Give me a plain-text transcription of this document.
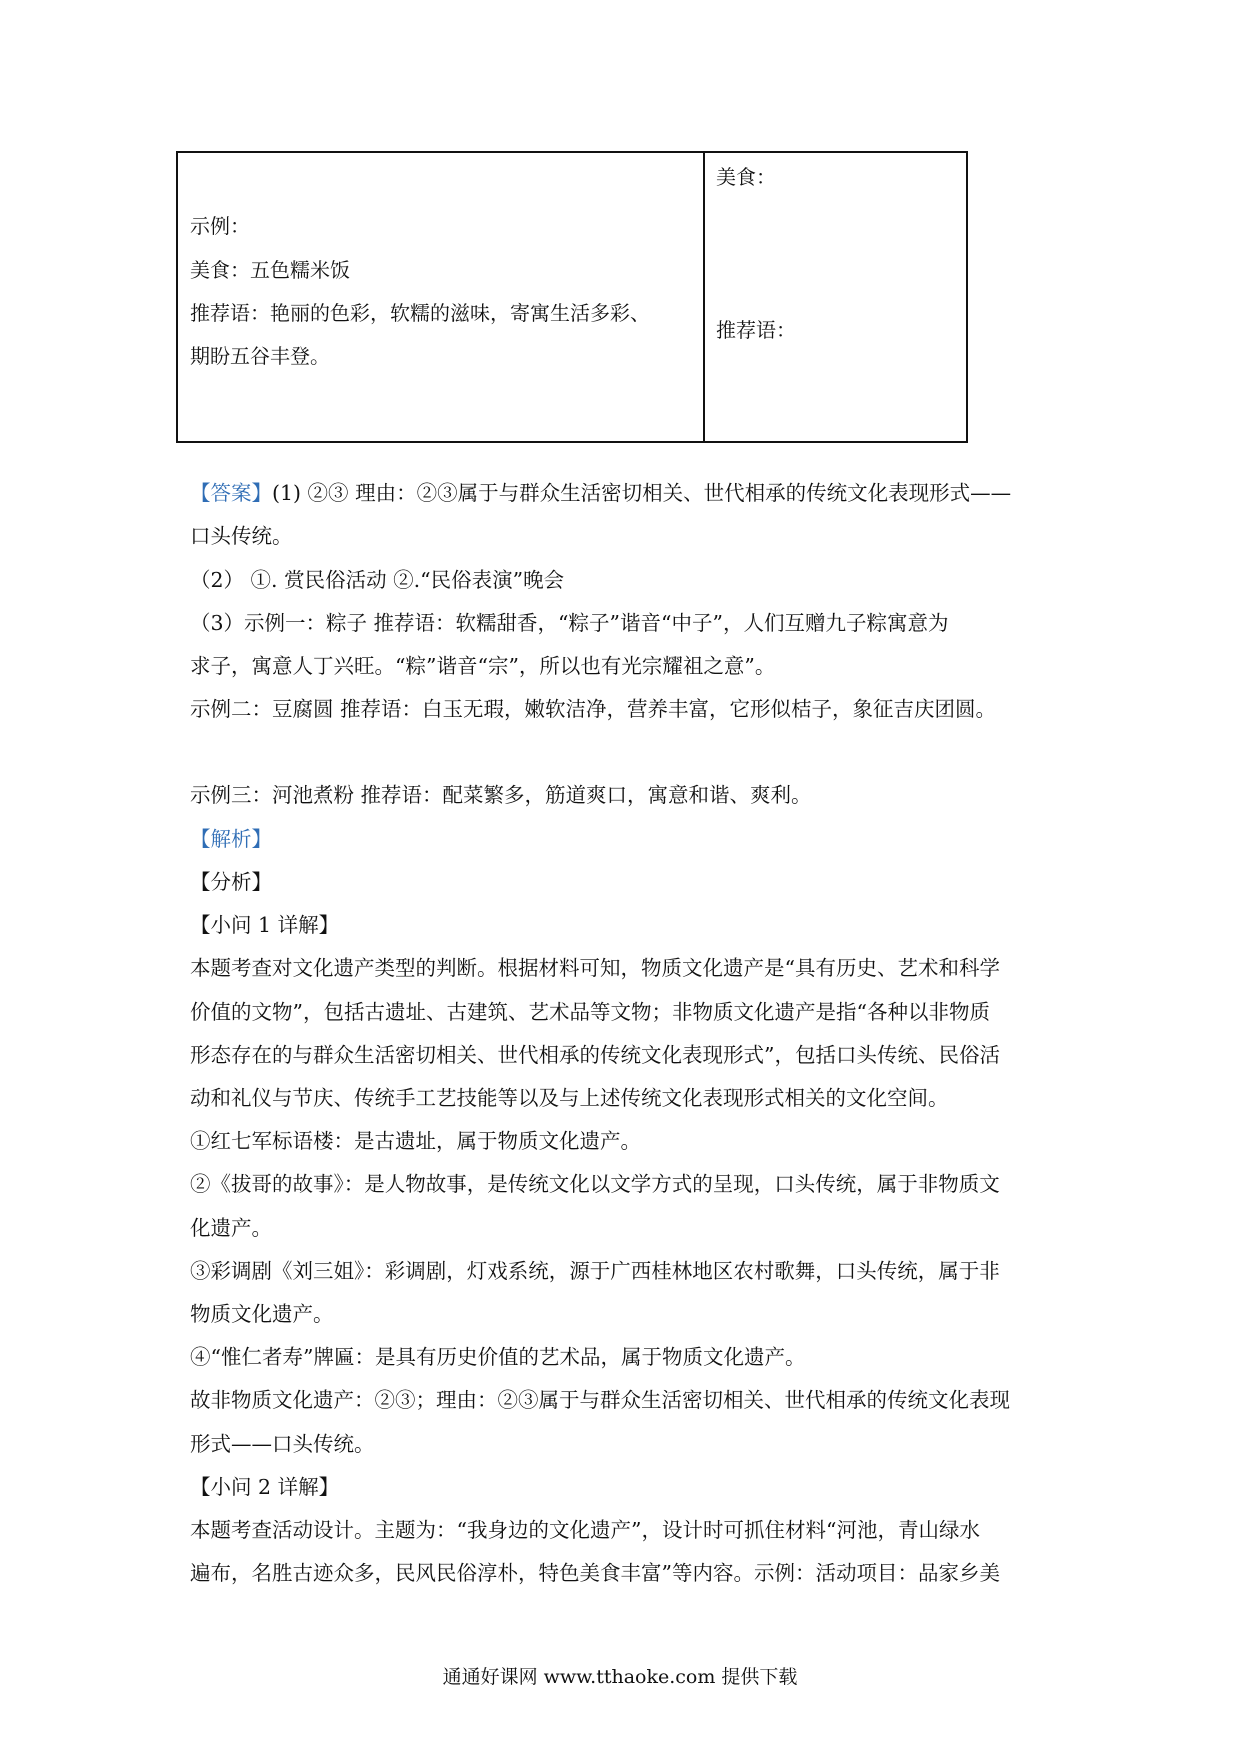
示例：
美食：五色糯米饭
推荐语：艳丽的色彩，软糯的滋味，寄寓生活多彩、
期盼五谷丰登。
美食：
推荐语：
【答案】(1) ②③ 理由：②③属于与群众生活密切相关、世代相承的传统文化表现形式——
口头传统。
（2） ①. 赏民俗活动 ②.“民俗表演”晚会
（3）示例一：粽子 推荐语：软糯甜香，“粽子”谐音“中子”，人们互赠九子粽寓意为
求子，寓意人丁兴旺。“粽”谐音“宗”，所以也有光宗耀祖之意”。
示例二：豆腐圆 推荐语：白玉无瑕，嫩软洁净，营养丰富，它形似桔子，象征吉庆团圆。
示例三：河池煮粉 推荐语：配菜繁多，筋道爽口，寓意和谐、爽利。
【解析】
【分析】
【小问 1 详解】
本题考查对文化遗产类型的判断。根据材料可知，物质文化遗产是“具有历史、艺术和科学
价值的文物”，包括古遗址、古建筑、艺术品等文物；非物质文化遗产是指“各种以非物质
形态存在的与群众生活密切相关、世代相承的传统文化表现形式”，包括口头传统、民俗活
动和礼仪与节庆、传统手工艺技能等以及与上述传统文化表现形式相关的文化空间。
①红七军标语楼：是古遗址，属于物质文化遗产。
②《拔哥的故事》：是人物故事，是传统文化以文学方式的呈现，口头传统，属于非物质文
化遗产。
③彩调剧《刘三姐》：彩调剧，灯戏系统，源于广西桂林地区农村歌舞，口头传统，属于非
物质文化遗产。
④“惟仁者寿”牌匾：是具有历史价值的艺术品，属于物质文化遗产。
故非物质文化遗产：②③；理由：②③属于与群众生活密切相关、世代相承的传统文化表现
形式——口头传统。
【小问 2 详解】
本题考查活动设计。主题为：“我身边的文化遗产”，设计时可抓住材料“河池，青山绿水
遍布，名胜古迹众多，民风民俗淳朴，特色美食丰富”等内容。示例：活动项目：品家乡美
通通好课网 www.tthaoke.com 提供下载
